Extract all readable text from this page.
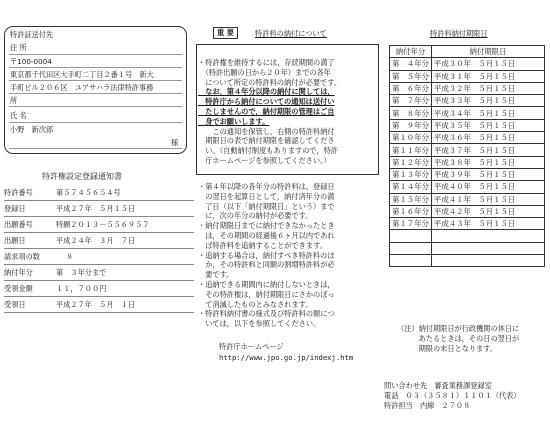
特許証送付先
住 所
〒100-0004
東京都千代田区大手町二丁目２番１号　新大
手町ビル２０６区　ユアサハラ法律特許事務
所
氏 名
小野　新次郎
様
特許権設定登録通知書
特許番号	第５７４５６５４号
登録日	平成２７年　５月１５日
出願番号	特願２０１３－５５６９５７
出願日	平成２４年　３月　７日
請求項の数	８
納付年分	第　３年分まで
受領金額	１１，７００円
受領日	平成２７年　５月　１日
重 要	特許料の納付について

・特許権を維持するには，存続期間の満了

　（特許出願の日から２０年）までの各年

　について所定の特許料の納付が必要です。

　なお，第４年分以降の納付に関しては，

　特許庁から納付についての通知は送付い

　たしませんので，納付期限の管理はご自

　身でお願いします。

　　この通知を保管し，右側の特許料納付

　期限日の表で納付期限を確認してくださ

　い。（自動納付制度もありますので，特許

　庁ホームページを参照してください。）

・第４年以降の各年分の特許料は，登録日

　の翌日を起算日として，納付済年分の満

　了日（以下「納付期限日」という）まで

　に，次の年分の納付が必要です。

・納付期限日までに納付できなかったとき

　は，その期間の経過後６ヶ月以内であれ

　ば特許料を追納することができます。

・追納する場合は，納付すべき特許料のほ

　か，その特許料と同額の割増特許料が必

　要です。

・追納できる期間内に納付しないときは，

　その特許権は，納付期限日にさかのぼっ

　て消滅したものとみなされます。

・特許料納付書の様式及び特許料の額につ

　いては，以下を参照してください。

特許庁ホームページ
http://www.jpo.go.jp/indexj.htm
特許料納付期限日
納付年分	納付期限日
第　４年分	平成３０年　５月１５日
第　５年分	平成３１年　５月１５日
第　６年分	平成３２年　５月１５日
第　７年分	平成３３年　５月１５日
第　８年分	平成３４年　５月１５日
第　９年分	平成３５年　５月１５日
第１０年分	平成３６年　５月１５日
第１１年分	平成３７年　５月１５日
第１２年分	平成３８年　５月１５日
第１３年分	平成３９年　５月１５日
第１４年分	平成４０年　５月１５日
第１５年分	平成４１年　５月１５日
第１６年分	平成４２年　５月１５日
第１７年分	平成４３年　５月１５日

（注）納付期限日が行政機関の休日に

　　　あたるときは，その日の翌日が

　　　期限の末日となります。

問い合わせ先　審査業務課登録室

電話　０３（３５８１）１１０１（代表）

特許担当　内線　２７０８
